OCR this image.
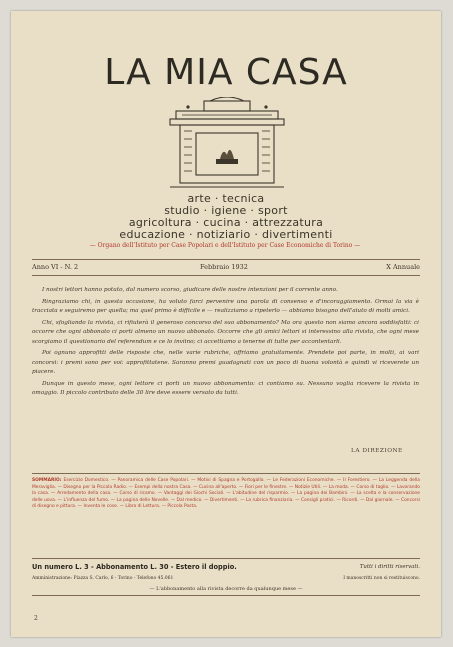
LA MIA CASA
arte · tecnica
studio · igiene · sport
agricoltura · cucina · attrezzatura
educazione · notiziario · divertimenti
— Organo dell'Istituto per Case Popolari e dell'Istituto per Case Economiche di Torino —
Anno VI - N. 2	Febbraio 1932	X Annuale

I nostri lettori hanno potuto, dal numero scorso, giudicare delle nostre intenzioni per il corrente anno.

Ringraziamo chi, in questa occasione, ha voluto farci pervenire una parola di consenso e d'incoraggiamento. Ormai la via è tracciata e seguiremo per quella; ma quel primo è difficile e — realizziamo a ripeterlo — abbiamo bisogno dell'aiuto di molti amici.

Chi, sfogliando la rivista, ci rifiuterà il generoso concorso del suo abbonamento? Ma ora questo non siamo ancora soddisfatti: ci occorre che ogni abbonato ci porti almeno un nuovo abbonato. Occorre che gli amici lettori si interessino alla rivista, che ogni mese scorgiamo il questionario del referendum e ce lo inviino; ci accettiamo a tenerne di tutte per accontentarli.

Poi ognuno approfitti delle risposte che, nelle varie rubriche, offriamo gratuitamente. Prendete poi parte, in molti, ai vari concorsi: i premi sono per voi: approfittatene. Saranno premi guadagnati con un poco di buona volontà e quindi vi riceverete un piacere.

Dunque in questo mese, ogni lettore ci porti un nuovo abbonamento: ci contiamo su. Nessuno voglia ricevere la rivista in omaggio. Il piccolo contributo delle 30 lire deve essere versato da tutti.

LA DIREZIONE
SOMMARIO: Esercizio Domestico. — Panoramica delle Case Popolari. — Motivi di Spagna e Portogallo. — Le Federazioni Economiche. — Il Forestiero. — La Leggenda della Meraviglia. — Disegno per la Piccola Radio. — Esempi della nostra Casa. — Cucina all'aperto. — Fiori per le finestre. — Notizie Utili. — La moda. — Corso di taglio. — Lavorando la casa. — Arredamento della casa. — Corso di ricamo. — Vantaggi dei Giochi Sociali. — L'abitudine del risparmio. — La pagina dei Bambini. — La scelta e la conservazione delle uova. — L'influenza del fumo. — La pagina delle Novelle. — Dal medico. — Divertimenti. — La rubrica finanziaria. — Consigli pratici. — Ricordi. — Dal giornale. — Concorsi di disegno e pittura. — Inventa le cose. — Libro di Lettura. — Piccola Posta.
Un numero L. 3 - Abbonamento L. 30 - Estero il doppio.	Tutti i diritti riservati.
Amministrazione: Piazza S. Carlo, 6 - Torino - Telefono 45.061	I manoscritti non si restituiscono.
— L'abbonamento alla rivista decorre da qualunque mese —
2
